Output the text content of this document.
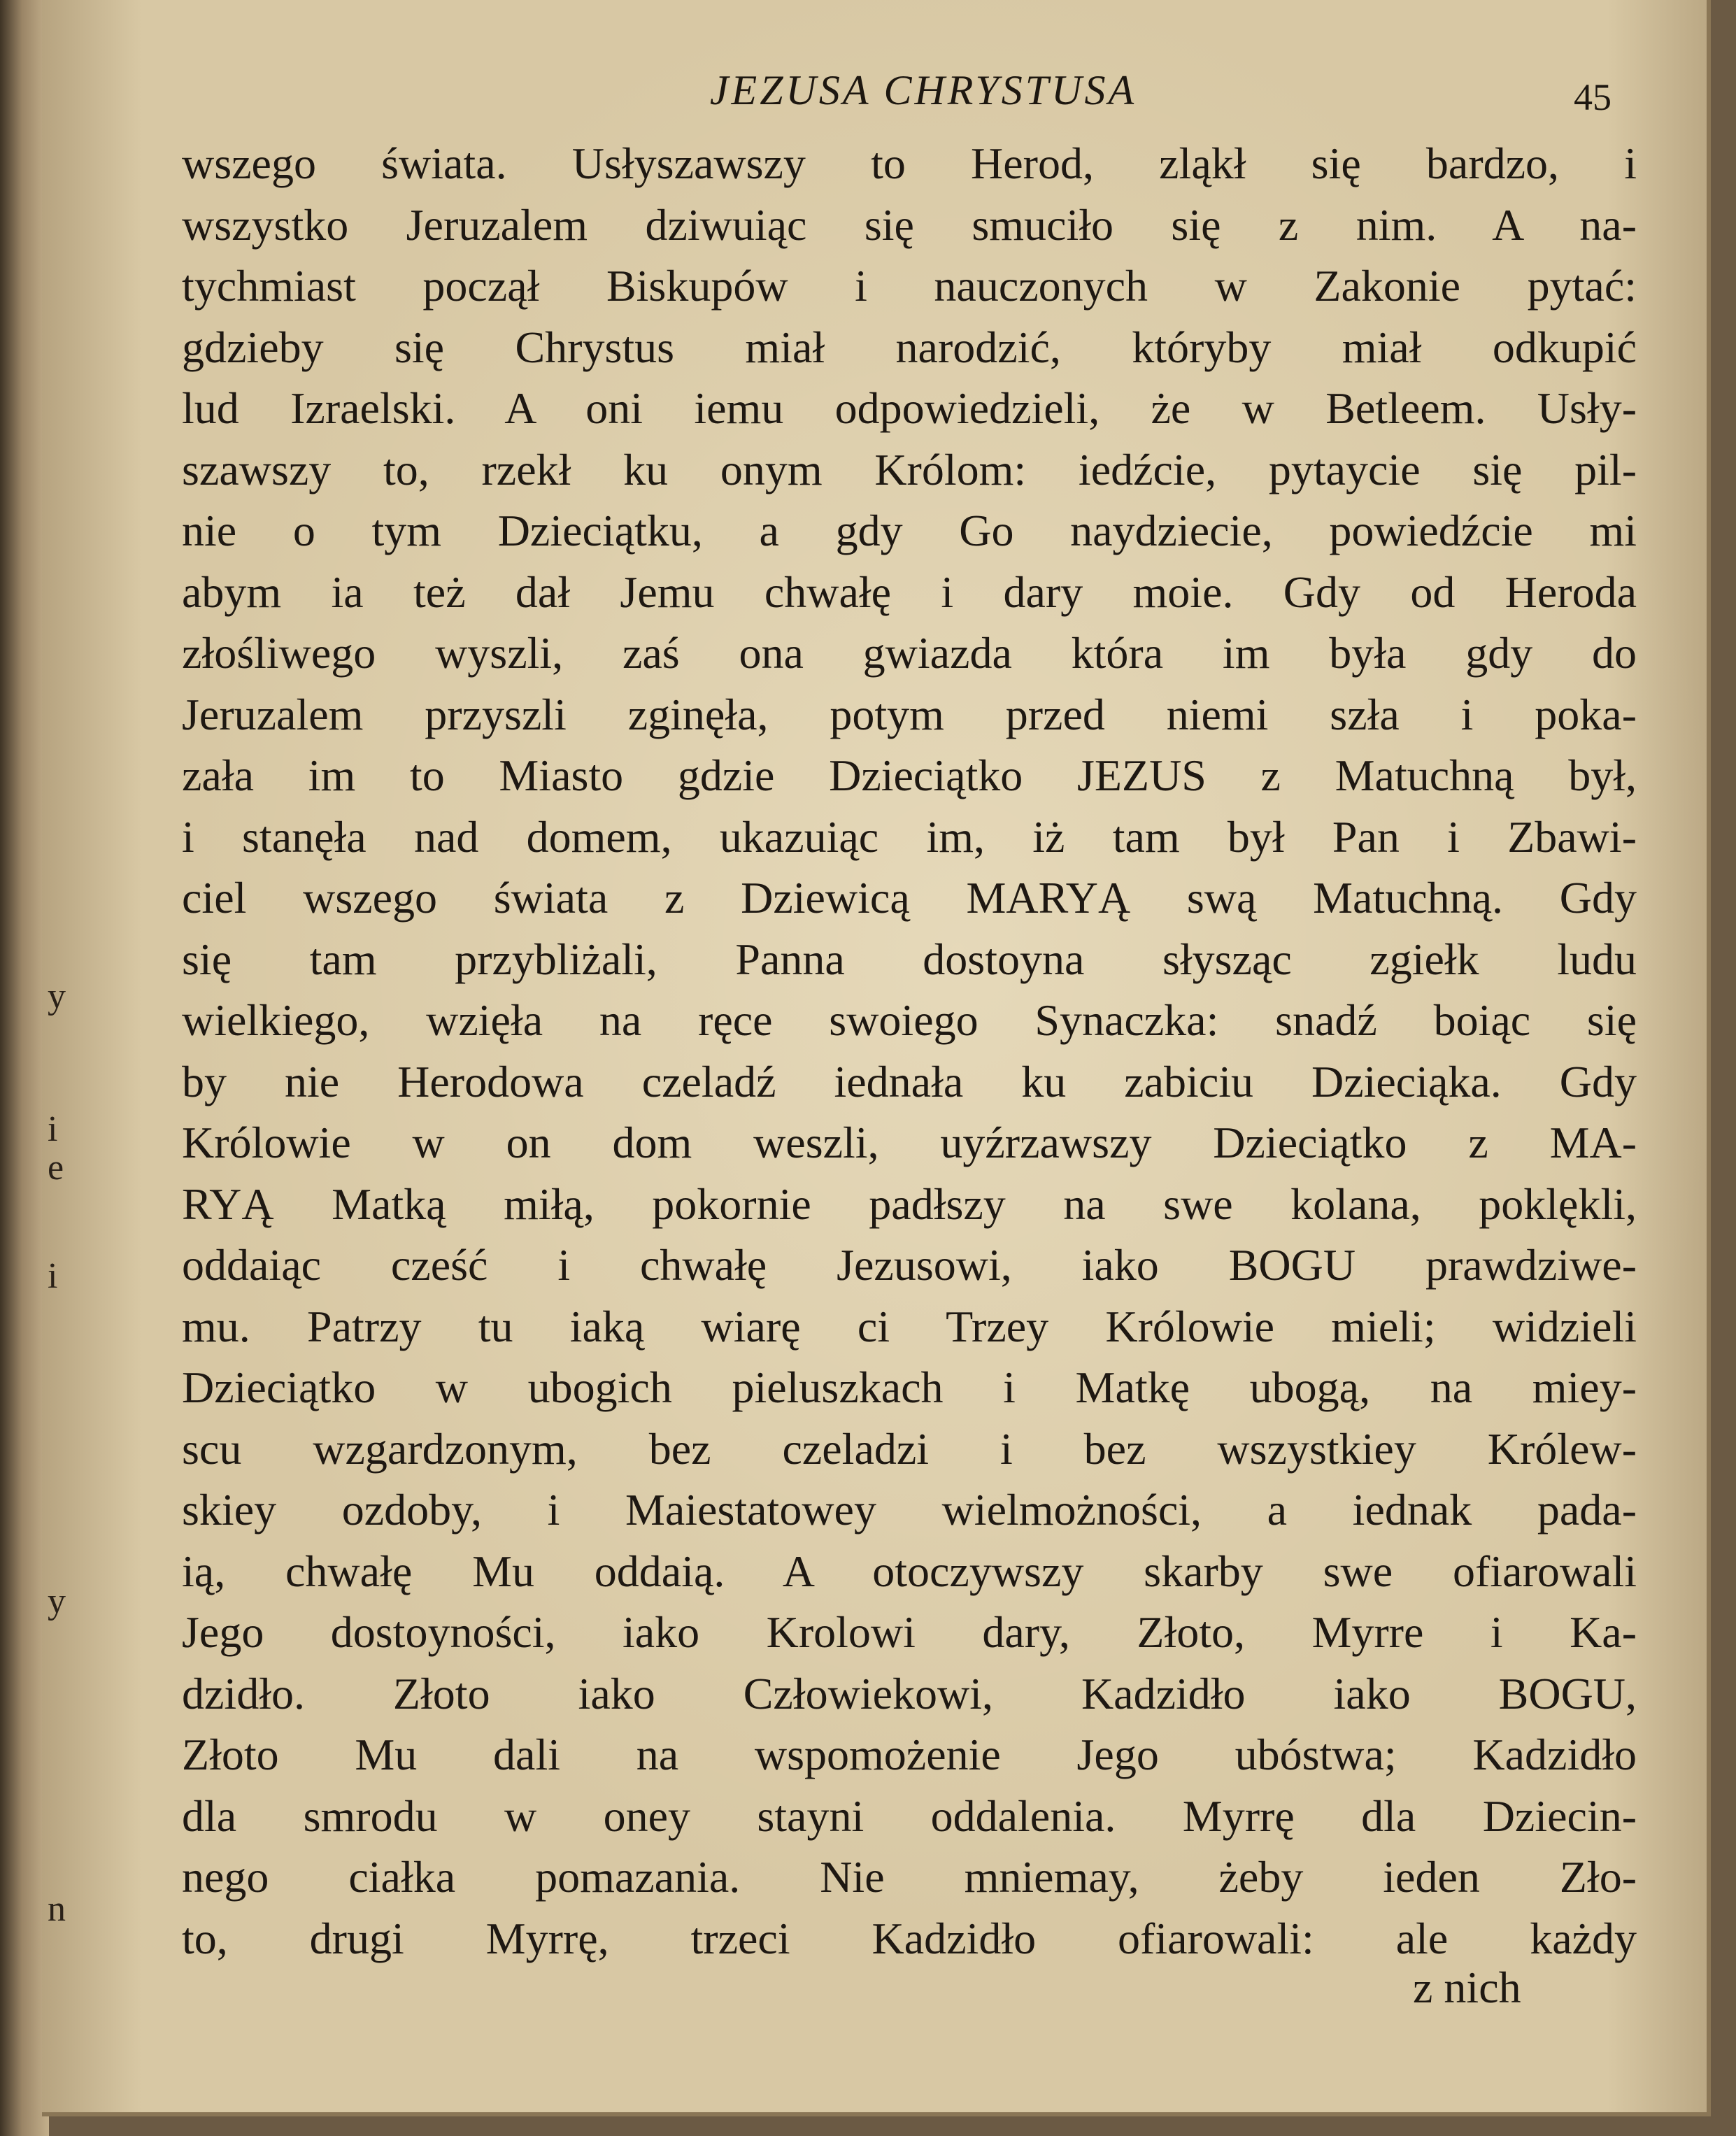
y
i
e
i
y
n
JEZUSA CHRYSTUSA	45
wszego świata. Usłyszawszy to Herod, zląkł się bardzo, i
wszystko Jeruzalem dziwuiąc się smuciło się z nim. A na-
tychmiast począł Biskupów i nauczonych w Zakonie pytać:
gdzieby się Chrystus miał narodzić, któryby miał odkupić
lud Izraelski. A oni iemu odpowiedzieli, że w Betleem. Usły-
szawszy to, rzekł ku onym Królom: iedźcie, pytaycie się pil-
nie o tym Dzieciątku, a gdy Go naydziecie, powiedźcie mi
abym ia też dał Jemu chwałę i dary moie. Gdy od Heroda
złośliwego wyszli, zaś ona gwiazda która im była gdy do
Jeruzalem przyszli zginęła, potym przed niemi szła i poka-
zała im to Miasto gdzie Dzieciątko JEZUS z Matuchną był,
i stanęła nad domem, ukazuiąc im, iż tam był Pan i Zbawi-
ciel wszego świata z Dziewicą MARYĄ swą Matuchną. Gdy
się tam przybliżali, Panna dostoyna słysząc zgiełk ludu
wielkiego, wzięła na ręce swoiego Synaczka: snadź boiąc się
by nie Herodowa czeladź iednała ku zabiciu Dzieciąka. Gdy
Królowie w on dom weszli, uyźrzawszy Dzieciątko z MA-
RYĄ Matką miłą, pokornie padłszy na swe kolana, poklękli,
oddaiąc cześć i chwałę Jezusowi, iako BOGU prawdziwe-
mu. Patrzy tu iaką wiarę ci Trzey Królowie mieli; widzieli
Dzieciątko w ubogich pieluszkach i Matkę ubogą, na miey-
scu wzgardzonym, bez czeladzi i bez wszystkiey Królew-
skiey ozdoby, i Maiestatowey wielmożności, a iednak pada-
ią, chwałę Mu oddaią. A otoczywszy skarby swe ofiarowali
Jego dostoyności, iako Krolowi dary, Złoto, Myrre i Ka-
dzidło. Złoto iako Człowiekowi, Kadzidło iako BOGU,
Złoto Mu dali na wspomożenie Jego ubóstwa; Kadzidło
dla smrodu w oney stayni oddalenia. Myrrę dla Dziecin-
nego ciałka pomazania. Nie mniemay, żeby ieden Zło-
to, drugi Myrrę, trzeci Kadzidło ofiarowali: ale każdy
z nich
